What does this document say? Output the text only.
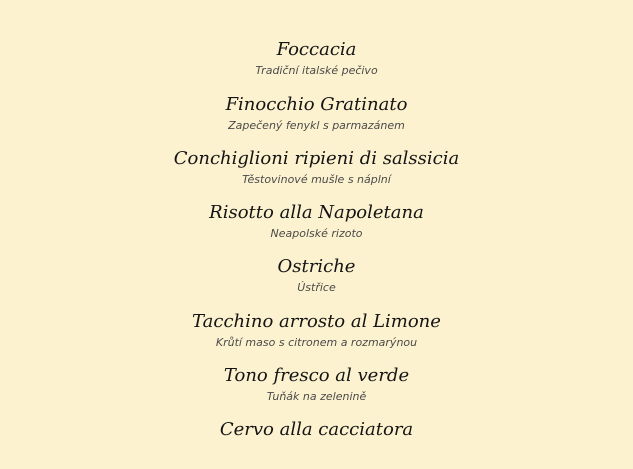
Foccacia
Tradiční italské pečivo
Finocchio Gratinato
Zapečený fenykl s parmazánem
Conchiglioni ripieni di salssicia
Těstovinové mušle s náplní
Risotto alla Napoletana
Neapolské rizoto
Ostriche
Ústřice
Tacchino arrosto al Limone
Krůtí maso s citronem a rozmarýnou
Tono fresco al verde
Tuňák na zelenině
Cervo alla cacciatora
